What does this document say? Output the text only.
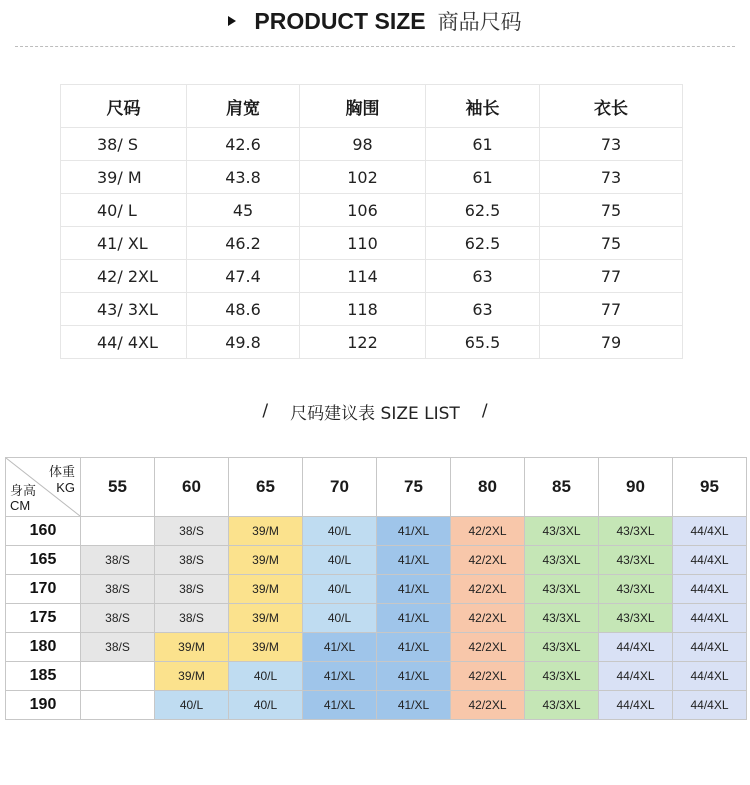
PRODUCT SIZE 商品尺码
尺码	肩宽	胸围	袖长	衣长
38/ S	42.6	98	61	73
39/ M	43.8	102	61	73
40/ L	45	106	62.5	75
41/ XL	46.2	110	62.5	75
42/ 2XL	47.4	114	63	77
43/ 3XL	48.6	118	63	77
44/ 4XL	49.8	122	65.5	79
/ 尺码建议表 SIZE LIST /
体重
KG
身高
CM	55	60	65	70	75	80	85	90	95
160		38/S	39/M	40/L	41/XL	42/2XL	43/3XL	43/3XL	44/4XL
165	38/S	38/S	39/M	40/L	41/XL	42/2XL	43/3XL	43/3XL	44/4XL
170	38/S	38/S	39/M	40/L	41/XL	42/2XL	43/3XL	43/3XL	44/4XL
175	38/S	38/S	39/M	40/L	41/XL	42/2XL	43/3XL	43/3XL	44/4XL
180	38/S	39/M	39/M	41/XL	41/XL	42/2XL	43/3XL	44/4XL	44/4XL
185		39/M	40/L	41/XL	41/XL	42/2XL	43/3XL	44/4XL	44/4XL
190		40/L	40/L	41/XL	41/XL	42/2XL	43/3XL	44/4XL	44/4XL
